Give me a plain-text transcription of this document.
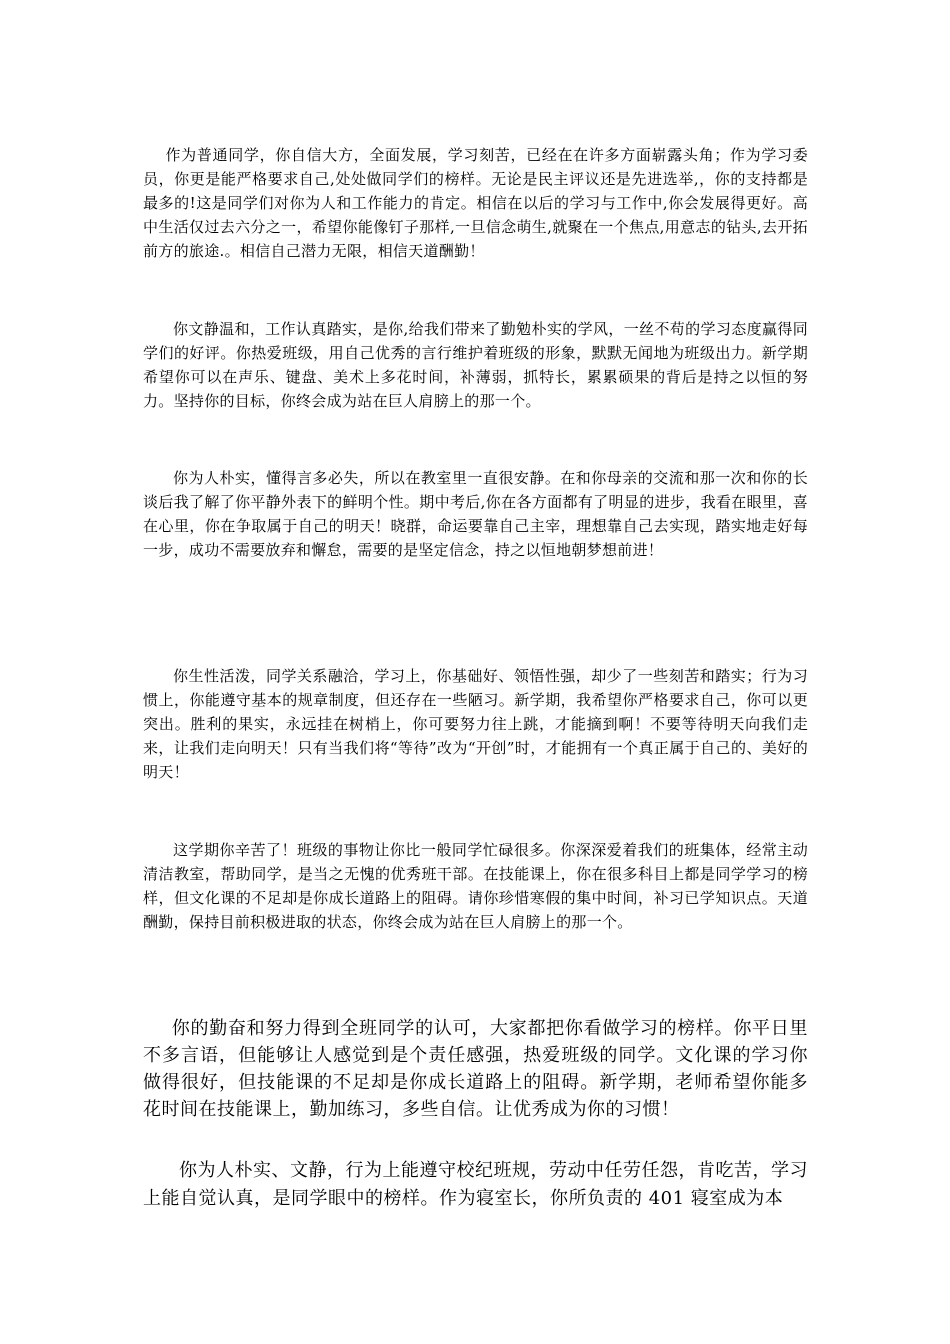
作为普通同学，你自信大方，全面发展，学习刻苦，已经在在许多方面崭露头角；作为学习委员，你更是能严格要求自己,处处做同学们的榜样。无论是民主评议还是先进选举,，你的支持都是最多的!这是同学们对你为人和工作能力的肯定。相信在以后的学习与工作中,你会发展得更好。高中生活仅过去六分之一，希望你能像钉子那样,一旦信念萌生,就聚在一个焦点,用意志的钻头,去开拓前方的旅途.。相信自己潜力无限，相信天道酬勤！

你文静温和，工作认真踏实，是你,给我们带来了勤勉朴实的学风，一丝不苟的学习态度赢得同学们的好评。你热爱班级，用自己优秀的言行维护着班级的形象，默默无闻地为班级出力。新学期希望你可以在声乐、键盘、美术上多花时间，补薄弱，抓特长，累累硕果的背后是持之以恒的努力。坚持你的目标，你终会成为站在巨人肩膀上的那一个。

你为人朴实，懂得言多必失，所以在教室里一直很安静。在和你母亲的交流和那一次和你的长谈后我了解了你平静外表下的鲜明个性。期中考后,你在各方面都有了明显的进步，我看在眼里，喜在心里，你在争取属于自己的明天！晓群，命运要靠自己主宰，理想靠自己去实现，踏实地走好每一步，成功不需要放弃和懈怠，需要的是坚定信念，持之以恒地朝梦想前进！

你生性活泼，同学关系融洽，学习上，你基础好、领悟性强，却少了一些刻苦和踏实；行为习惯上，你能遵守基本的规章制度，但还存在一些陋习。新学期，我希望你严格要求自己，你可以更突出。胜利的果实，永远挂在树梢上，你可要努力往上跳，才能摘到啊！不要等待明天向我们走来，让我们走向明天！只有当我们将“等待”改为“开创”时，才能拥有一个真正属于自己的、美好的明天！

这学期你辛苦了！班级的事物让你比一般同学忙碌很多。你深深爱着我们的班集体，经常主动清洁教室，帮助同学，是当之无愧的优秀班干部。在技能课上，你在很多科目上都是同学学习的榜样，但文化课的不足却是你成长道路上的阻碍。请你珍惜寒假的集中时间，补习已学知识点。天道酬勤，保持目前积极进取的状态，你终会成为站在巨人肩膀上的那一个。

你的勤奋和努力得到全班同学的认可，大家都把你看做学习的榜样。你平日里不多言语，但能够让人感觉到是个责任感强，热爱班级的同学。文化课的学习你做得很好，但技能课的不足却是你成长道路上的阻碍。新学期，老师希望你能多花时间在技能课上，勤加练习，多些自信。让优秀成为你的习惯！

你为人朴实、文静，行为上能遵守校纪班规，劳动中任劳任怨，肯吃苦，学习上能自觉认真，是同学眼中的榜样。作为寝室长，你所负责的 401 寝室成为本
